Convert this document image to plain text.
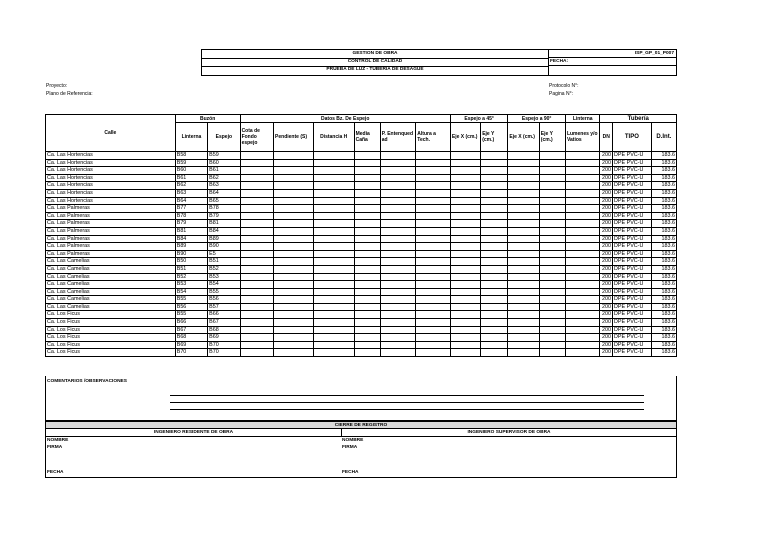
GESTION DE OBRA
CONTROL DE CALIDAD
PRUEBA DE LUZ - TUBERIA DE DESAGUE
ISP_GP_01_P007
FECHA:
Proyecto:
Plano de Referencia:
Protocolo N°:
Pagina N°:
Calle	Buzón		Datos Bz. De Espejo						Espejo a 45°		Espejo a 90°		Linterna	Tubería		
	Linterna	Espejo	Cota de Fondo espejo	Pendiente (S)	Distancia H	Media Caña	P. Entenqued ad	Altura a Tech.	Eje X (cm.)	Eje Y (cm.)	Eje X (cm.)	Eje Y (cm.)	Lumenes y/o Vatios	DN	TIPO	D.Int.
Ca. Las Hortencias	B58	B59												200	DPE PVC-U	183.6
Ca. Las Hortencias	B59	B60												200	DPE PVC-U	183.6
Ca. Las Hortencias	B60	B61												200	DPE PVC-U	183.6
Ca. Las Hortencias	B61	B62												200	DPE PVC-U	183.6
Ca. Las Hortencias	B62	B63												200	DPE PVC-U	183.6
Ca. Las Hortencias	B63	B64												200	DPE PVC-U	183.6
Ca. Las Hortencias	B64	B65												200	DPE PVC-U	183.6
Ca. Las Palmeras	B77	B78												200	DPE PVC-U	183.6
Ca. Las Palmeras	B78	B79												200	DPE PVC-U	183.6
Ca. Las Palmeras	B79	B81												200	DPE PVC-U	183.6
Ca. Las Palmeras	B81	B84												200	DPE PVC-U	183.6
Ca. Las Palmeras	B84	B89												200	DPE PVC-U	183.6
Ca. Las Palmeras	B89	B90												200	DPE PVC-U	183.6
Ca. Las Palmeras	B90	E5												200	DPE PVC-U	183.6
Ca. Las Camelias	B50	B51												200	DPE PVC-U	183.6
Ca. Las Camelias	B51	B52												200	DPE PVC-U	183.6
Ca. Las Camelias	B52	B53												200	DPE PVC-U	183.6
Ca. Las Camelias	B53	B54												200	DPE PVC-U	183.6
Ca. Las Camelias	B54	B55												200	DPE PVC-U	183.6
Ca. Las Camelias	B55	B56												200	DPE PVC-U	183.6
Ca. Las Camelias	B56	B57												200	DPE PVC-U	183.6
Ca. Los Ficus	B55	B66												200	DPE PVC-U	183.6
Ca. Los Ficus	B66	B67												200	DPE PVC-U	183.6
Ca. Los Ficus	B67	B68												200	DPE PVC-U	183.6
Ca. Los Ficus	B68	B69												200	DPE PVC-U	183.6
Ca. Los Ficus	B69	B70												200	DPE PVC-U	183.6
Ca. Los Ficus	B70	B70												200	DPE PVC-U	183.6
COMENTARIOS /OBSERVACIONES
CIERRE DE REGISTRO
INGENIERO RESIDENTE DE OBRA	INGENIERO SUPERVISOR DE OBRA
NOMBRE
FIRMA
FECHA
NOMBRE
FIRMA
FECHA
